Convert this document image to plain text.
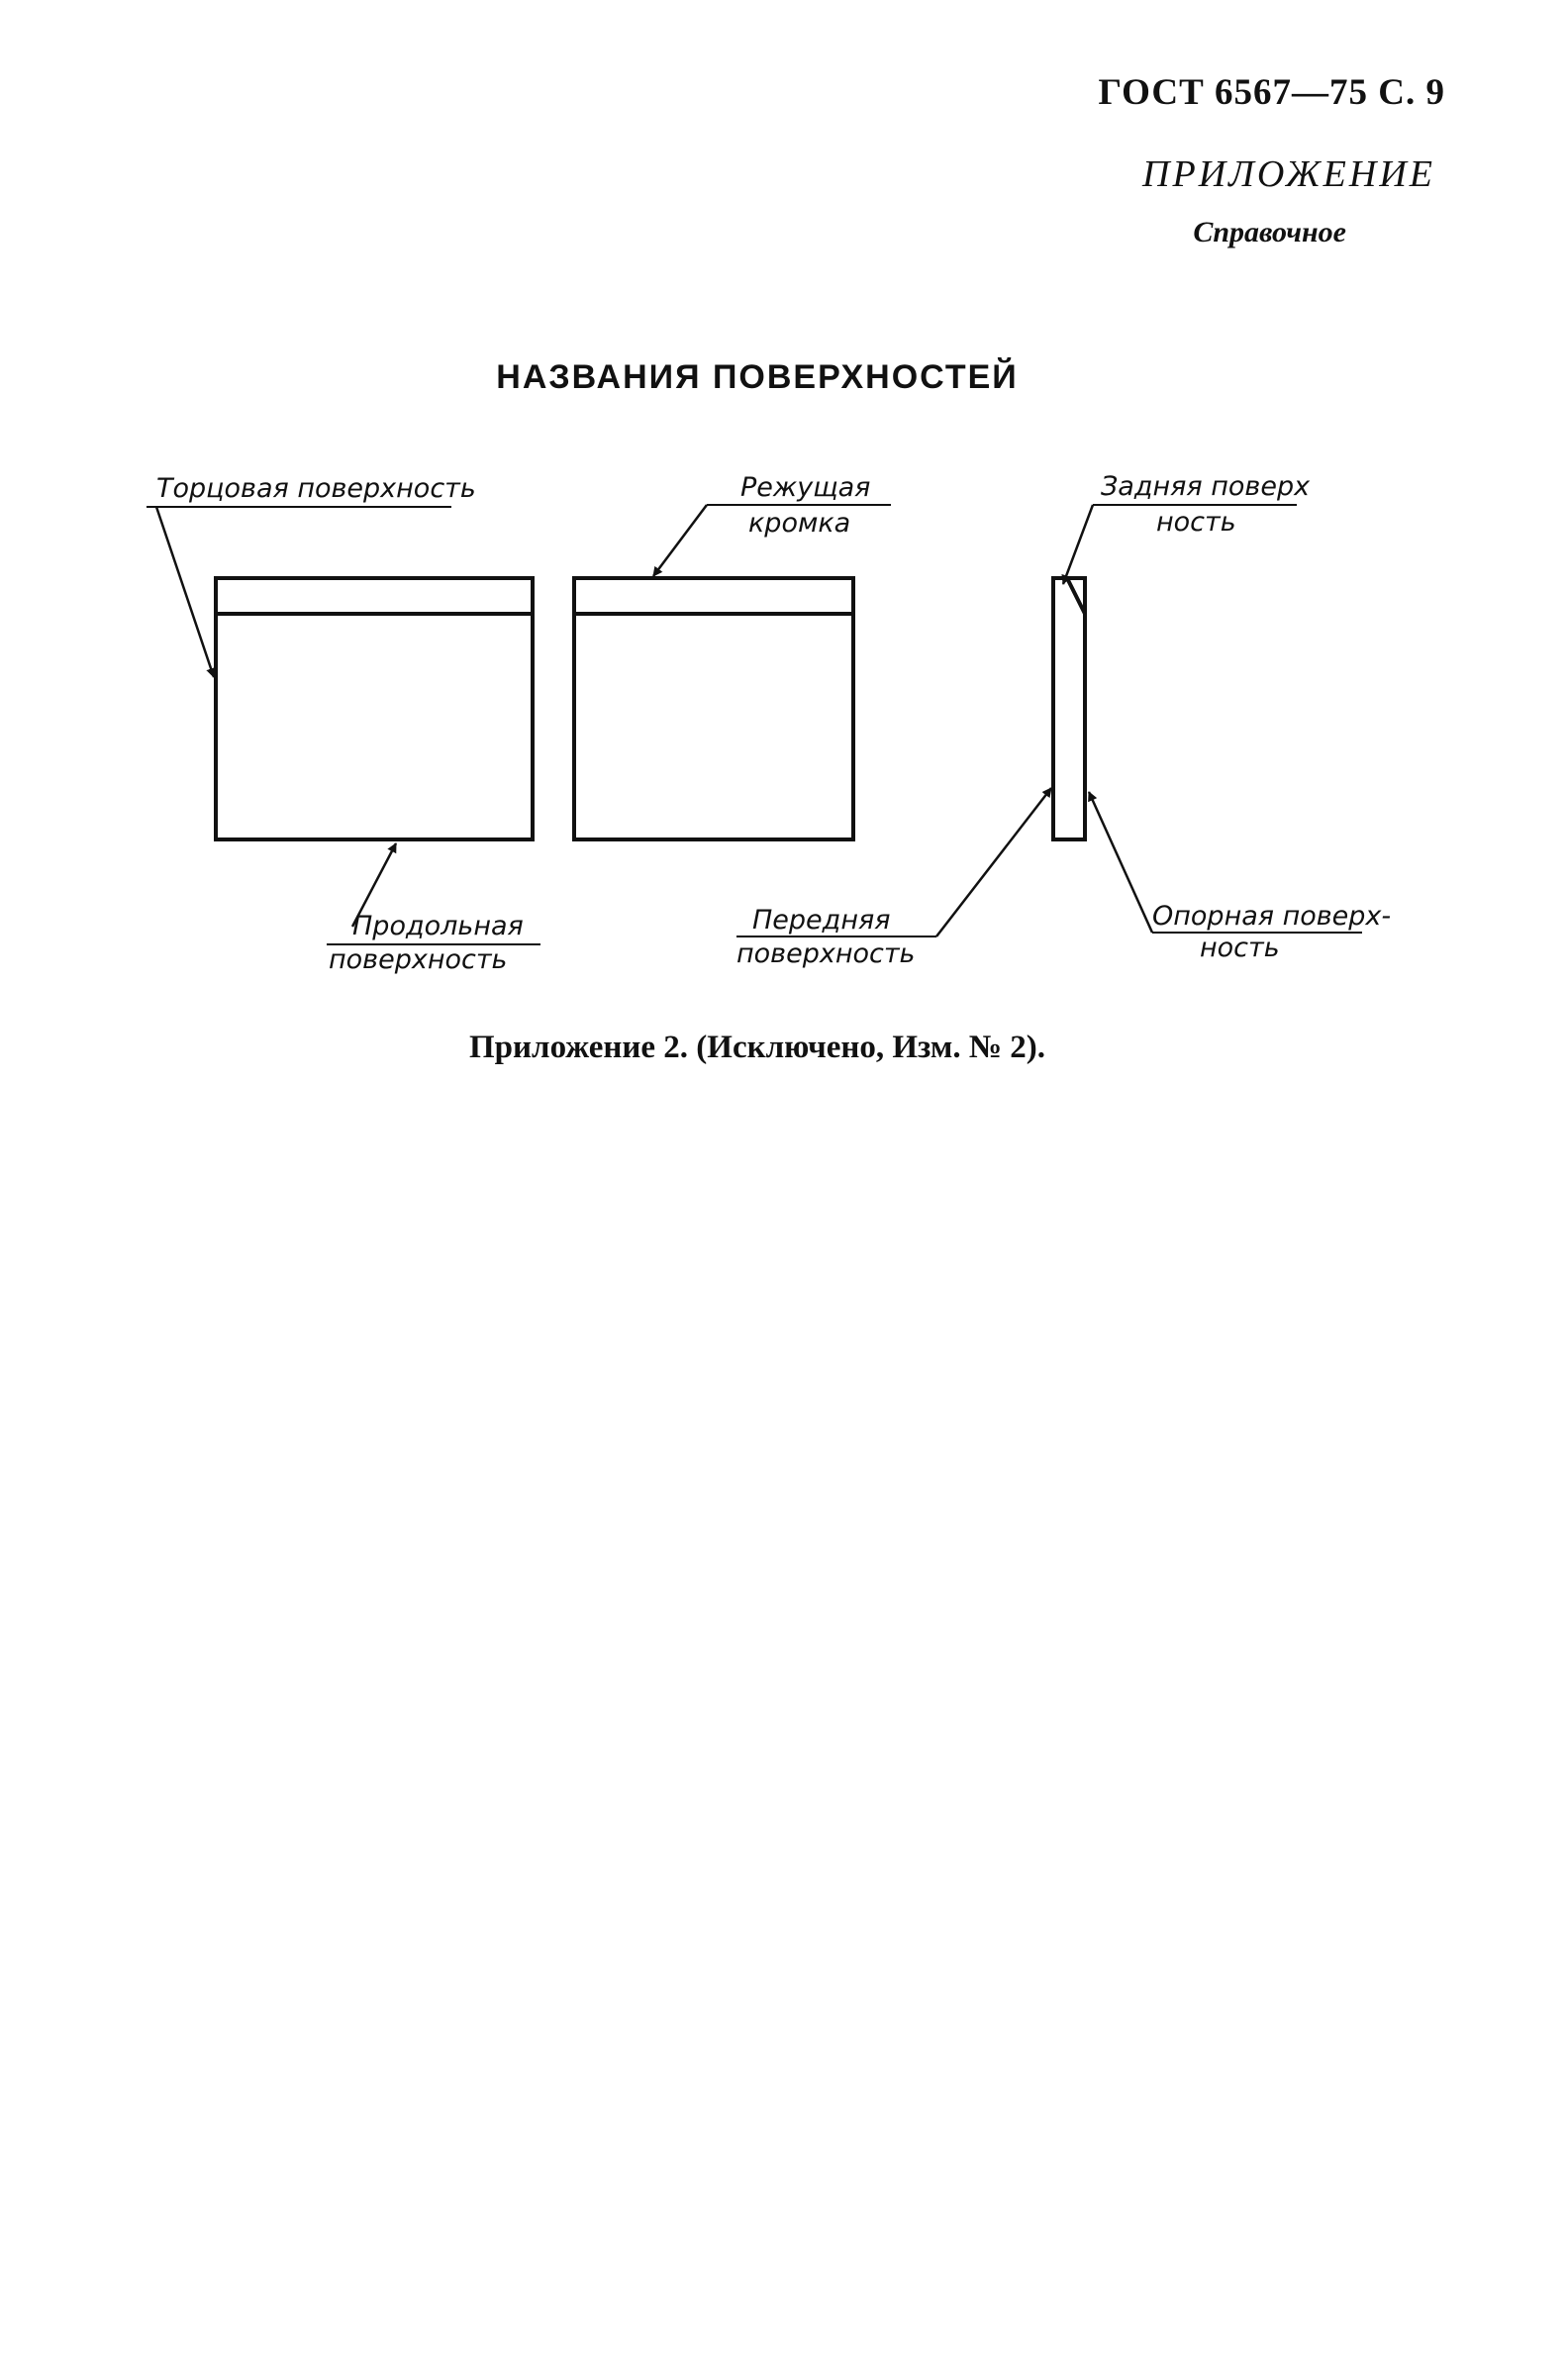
ГОСТ 6567—75 С. 9
ПРИЛОЖЕНИЕ
Справочное
НАЗВАНИЯ ПОВЕРХНОСТЕЙ
Торцовая поверхность	Режущая
кромка
Продольная
поверхность
Задняя поверх
ность
Передняя
поверхность
Опорная поверх-
ность
Приложение 2. (Исключено, Изм. № 2).
